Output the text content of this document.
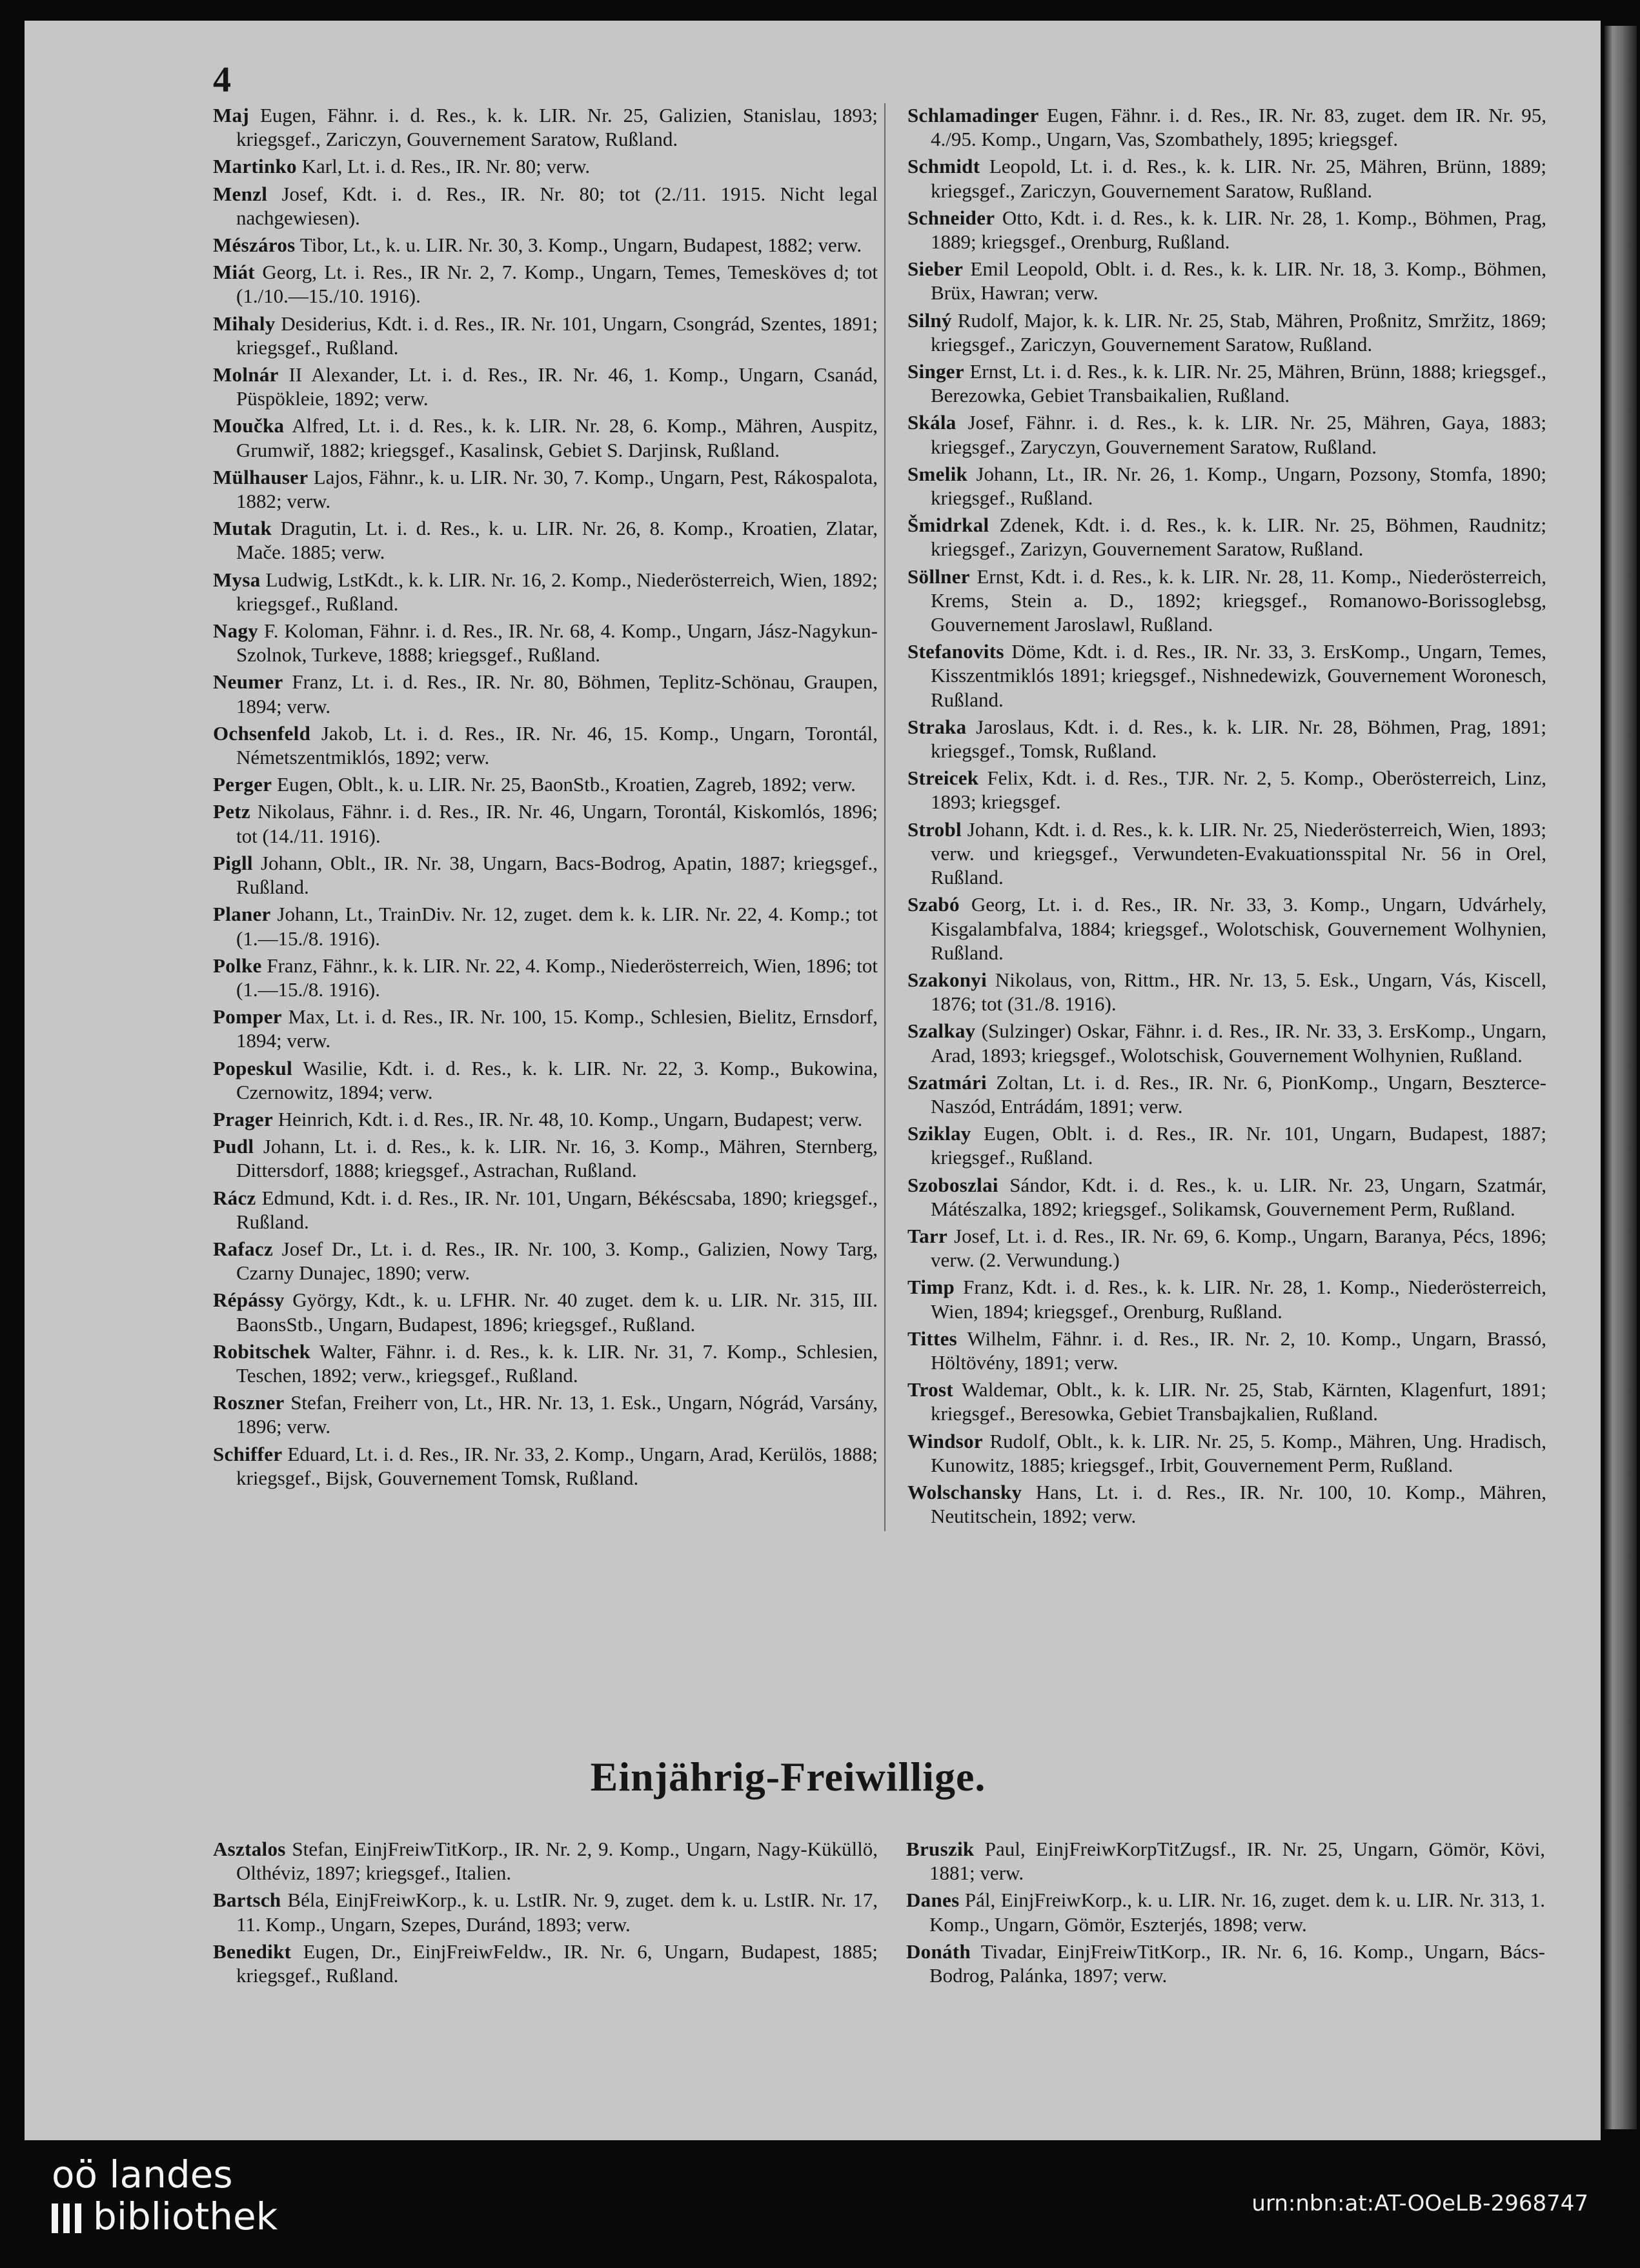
4

Maj Eugen, Fähnr. i. d. Res., k. k. LIR. Nr. 25, Galizien, Stanislau, 1893; kriegsgef., Zariczyn, Gouvernement Saratow, Rußland.

Martinko Karl, Lt. i. d. Res., IR. Nr. 80; verw.

Menzl Josef, Kdt. i. d. Res., IR. Nr. 80; tot (2./11. 1915. Nicht legal nachgewiesen).

Mészáros Tibor, Lt., k. u. LIR. Nr. 30, 3. Komp., Ungarn, Budapest, 1882; verw.

Miát Georg, Lt. i. Res., IR Nr. 2, 7. Komp., Ungarn, Temes, Temesköves d; tot (1./10.—15./10. 1916).

Mihaly Desiderius, Kdt. i. d. Res., IR. Nr. 101, Ungarn, Csongrád, Szentes, 1891; kriegsgef., Rußland.

Molnár II Alexander, Lt. i. d. Res., IR. Nr. 46, 1. Komp., Ungarn, Csanád, Püspökleie, 1892; verw.

Moučka Alfred, Lt. i. d. Res., k. k. LIR. Nr. 28, 6. Komp., Mähren, Auspitz, Grumwiř, 1882; kriegsgef., Kasalinsk, Gebiet S. Darjinsk, Rußland.

Mülhauser Lajos, Fähnr., k. u. LIR. Nr. 30, 7. Komp., Ungarn, Pest, Rákospalota, 1882; verw.

Mutak Dragutin, Lt. i. d. Res., k. u. LIR. Nr. 26, 8. Komp., Kroatien, Zlatar, Mače. 1885; verw.

Mysa Ludwig, LstKdt., k. k. LIR. Nr. 16, 2. Komp., Niederösterreich, Wien, 1892; kriegsgef., Rußland.

Nagy F. Koloman, Fähnr. i. d. Res., IR. Nr. 68, 4. Komp., Ungarn, Jász-Nagykun-Szolnok, Turkeve, 1888; kriegsgef., Rußland.

Neumer Franz, Lt. i. d. Res., IR. Nr. 80, Böhmen, Teplitz-Schönau, Graupen, 1894; verw.

Ochsenfeld Jakob, Lt. i. d. Res., IR. Nr. 46, 15. Komp., Ungarn, Torontál, Németszentmiklós, 1892; verw.

Perger Eugen, Oblt., k. u. LIR. Nr. 25, BaonStb., Kroatien, Zagreb, 1892; verw.

Petz Nikolaus, Fähnr. i. d. Res., IR. Nr. 46, Ungarn, Torontál, Kiskomlós, 1896; tot (14./11. 1916).

Pigll Johann, Oblt., IR. Nr. 38, Ungarn, Bacs-Bodrog, Apatin, 1887; kriegsgef., Rußland.

Planer Johann, Lt., TrainDiv. Nr. 12, zuget. dem k. k. LIR. Nr. 22, 4. Komp.; tot (1.—15./8. 1916).

Polke Franz, Fähnr., k. k. LIR. Nr. 22, 4. Komp., Niederösterreich, Wien, 1896; tot (1.—15./8. 1916).

Pomper Max, Lt. i. d. Res., IR. Nr. 100, 15. Komp., Schlesien, Bielitz, Ernsdorf, 1894; verw.

Popeskul Wasilie, Kdt. i. d. Res., k. k. LIR. Nr. 22, 3. Komp., Bukowina, Czernowitz, 1894; verw.

Prager Heinrich, Kdt. i. d. Res., IR. Nr. 48, 10. Komp., Ungarn, Budapest; verw.

Pudl Johann, Lt. i. d. Res., k. k. LIR. Nr. 16, 3. Komp., Mähren, Sternberg, Dittersdorf, 1888; kriegsgef., Astrachan, Rußland.

Rácz Edmund, Kdt. i. d. Res., IR. Nr. 101, Ungarn, Békéscsaba, 1890; kriegsgef., Rußland.

Rafacz Josef Dr., Lt. i. d. Res., IR. Nr. 100, 3. Komp., Galizien, Nowy Targ, Czarny Dunajec, 1890; verw.

Répássy György, Kdt., k. u. LFHR. Nr. 40 zuget. dem k. u. LIR. Nr. 315, III. BaonsStb., Ungarn, Budapest, 1896; kriegsgef., Rußland.

Robitschek Walter, Fähnr. i. d. Res., k. k. LIR. Nr. 31, 7. Komp., Schlesien, Teschen, 1892; verw., kriegsgef., Rußland.

Roszner Stefan, Freiherr von, Lt., HR. Nr. 13, 1. Esk., Ungarn, Nógrád, Varsány, 1896; verw.

Schiffer Eduard, Lt. i. d. Res., IR. Nr. 33, 2. Komp., Ungarn, Arad, Kerülös, 1888; kriegsgef., Bijsk, Gouvernement Tomsk, Rußland.

Schlamadinger Eugen, Fähnr. i. d. Res., IR. Nr. 83, zuget. dem IR. Nr. 95, 4./95. Komp., Ungarn, Vas, Szombathely, 1895; kriegsgef.

Schmidt Leopold, Lt. i. d. Res., k. k. LIR. Nr. 25, Mähren, Brünn, 1889; kriegsgef., Zariczyn, Gouvernement Saratow, Rußland.

Schneider Otto, Kdt. i. d. Res., k. k. LIR. Nr. 28, 1. Komp., Böhmen, Prag, 1889; kriegsgef., Orenburg, Rußland.

Sieber Emil Leopold, Oblt. i. d. Res., k. k. LIR. Nr. 18, 3. Komp., Böhmen, Brüx, Hawran; verw.

Silný Rudolf, Major, k. k. LIR. Nr. 25, Stab, Mähren, Proßnitz, Smržitz, 1869; kriegsgef., Zariczyn, Gouvernement Saratow, Rußland.

Singer Ernst, Lt. i. d. Res., k. k. LIR. Nr. 25, Mähren, Brünn, 1888; kriegsgef., Berezowka, Gebiet Transbaikalien, Rußland.

Skála Josef, Fähnr. i. d. Res., k. k. LIR. Nr. 25, Mähren, Gaya, 1883; kriegsgef., Zaryczyn, Gouvernement Saratow, Rußland.

Smelik Johann, Lt., IR. Nr. 26, 1. Komp., Ungarn, Pozsony, Stomfa, 1890; kriegsgef., Rußland.

Šmidrkal Zdenek, Kdt. i. d. Res., k. k. LIR. Nr. 25, Böhmen, Raudnitz; kriegsgef., Zarizyn, Gouvernement Saratow, Rußland.

Söllner Ernst, Kdt. i. d. Res., k. k. LIR. Nr. 28, 11. Komp., Niederösterreich, Krems, Stein a. D., 1892; kriegsgef., Romanowo-Borissoglebsg, Gouvernement Jaroslawl, Rußland.

Stefanovits Döme, Kdt. i. d. Res., IR. Nr. 33, 3. ErsKomp., Ungarn, Temes, Kisszentmiklós 1891; kriegsgef., Nishnedewizk, Gouvernement Woronesch, Rußland.

Straka Jaroslaus, Kdt. i. d. Res., k. k. LIR. Nr. 28, Böhmen, Prag, 1891; kriegsgef., Tomsk, Rußland.

Streicek Felix, Kdt. i. d. Res., TJR. Nr. 2, 5. Komp., Oberösterreich, Linz, 1893; kriegsgef.

Strobl Johann, Kdt. i. d. Res., k. k. LIR. Nr. 25, Niederösterreich, Wien, 1893; verw. und kriegsgef., Verwundeten-Evakuationsspital Nr. 56 in Orel, Rußland.

Szabó Georg, Lt. i. d. Res., IR. Nr. 33, 3. Komp., Ungarn, Udvárhely, Kisgalambfalva, 1884; kriegsgef., Wolotschisk, Gouvernement Wolhynien, Rußland.

Szakonyi Nikolaus, von, Rittm., HR. Nr. 13, 5. Esk., Ungarn, Vás, Kiscell, 1876; tot (31./8. 1916).

Szalkay (Sulzinger) Oskar, Fähnr. i. d. Res., IR. Nr. 33, 3. ErsKomp., Ungarn, Arad, 1893; kriegsgef., Wolotschisk, Gouvernement Wolhynien, Rußland.

Szatmári Zoltan, Lt. i. d. Res., IR. Nr. 6, PionKomp., Ungarn, Beszterce-Naszód, Entrádám, 1891; verw.

Sziklay Eugen, Oblt. i. d. Res., IR. Nr. 101, Ungarn, Budapest, 1887; kriegsgef., Rußland.

Szoboszlai Sándor, Kdt. i. d. Res., k. u. LIR. Nr. 23, Ungarn, Szatmár, Mátészalka, 1892; kriegsgef., Solikamsk, Gouvernement Perm, Rußland.

Tarr Josef, Lt. i. d. Res., IR. Nr. 69, 6. Komp., Ungarn, Baranya, Pécs, 1896; verw. (2. Verwundung.)

Timp Franz, Kdt. i. d. Res., k. k. LIR. Nr. 28, 1. Komp., Niederösterreich, Wien, 1894; kriegsgef., Orenburg, Rußland.

Tittes Wilhelm, Fähnr. i. d. Res., IR. Nr. 2, 10. Komp., Ungarn, Brassó, Höltövény, 1891; verw.

Trost Waldemar, Oblt., k. k. LIR. Nr. 25, Stab, Kärnten, Klagenfurt, 1891; kriegsgef., Beresowka, Gebiet Transbajkalien, Rußland.

Windsor Rudolf, Oblt., k. k. LIR. Nr. 25, 5. Komp., Mähren, Ung. Hradisch, Kunowitz, 1885; kriegsgef., Irbit, Gouvernement Perm, Rußland.

Wolschansky Hans, Lt. i. d. Res., IR. Nr. 100, 10. Komp., Mähren, Neutitschein, 1892; verw.

Einjährig-Freiwillige.

Asztalos Stefan, EinjFreiwTitKorp., IR. Nr. 2, 9. Komp., Ungarn, Nagy-Küküllö, Olthéviz, 1897; kriegsgef., Italien.

Bartsch Béla, EinjFreiwKorp., k. u. LstIR. Nr. 9, zuget. dem k. u. LstIR. Nr. 17, 11. Komp., Ungarn, Szepes, Duránd, 1893; verw.

Benedikt Eugen, Dr., EinjFreiwFeldw., IR. Nr. 6, Ungarn, Budapest, 1885; kriegsgef., Rußland.

Bruszik Paul, EinjFreiwKorpTitZugsf., IR. Nr. 25, Ungarn, Gömör, Kövi, 1881; verw.

Danes Pál, EinjFreiwKorp., k. u. LIR. Nr. 16, zuget. dem k. u. LIR. Nr. 313, 1. Komp., Ungarn, Gömör, Eszterjés, 1898; verw.

Donáth Tivadar, EinjFreiwTitKorp., IR. Nr. 6, 16. Komp., Ungarn, Bács-Bodrog, Palánka, 1897; verw.

oö landes
bibliothek	urn:nbn:at:AT-OOeLB-2968747
